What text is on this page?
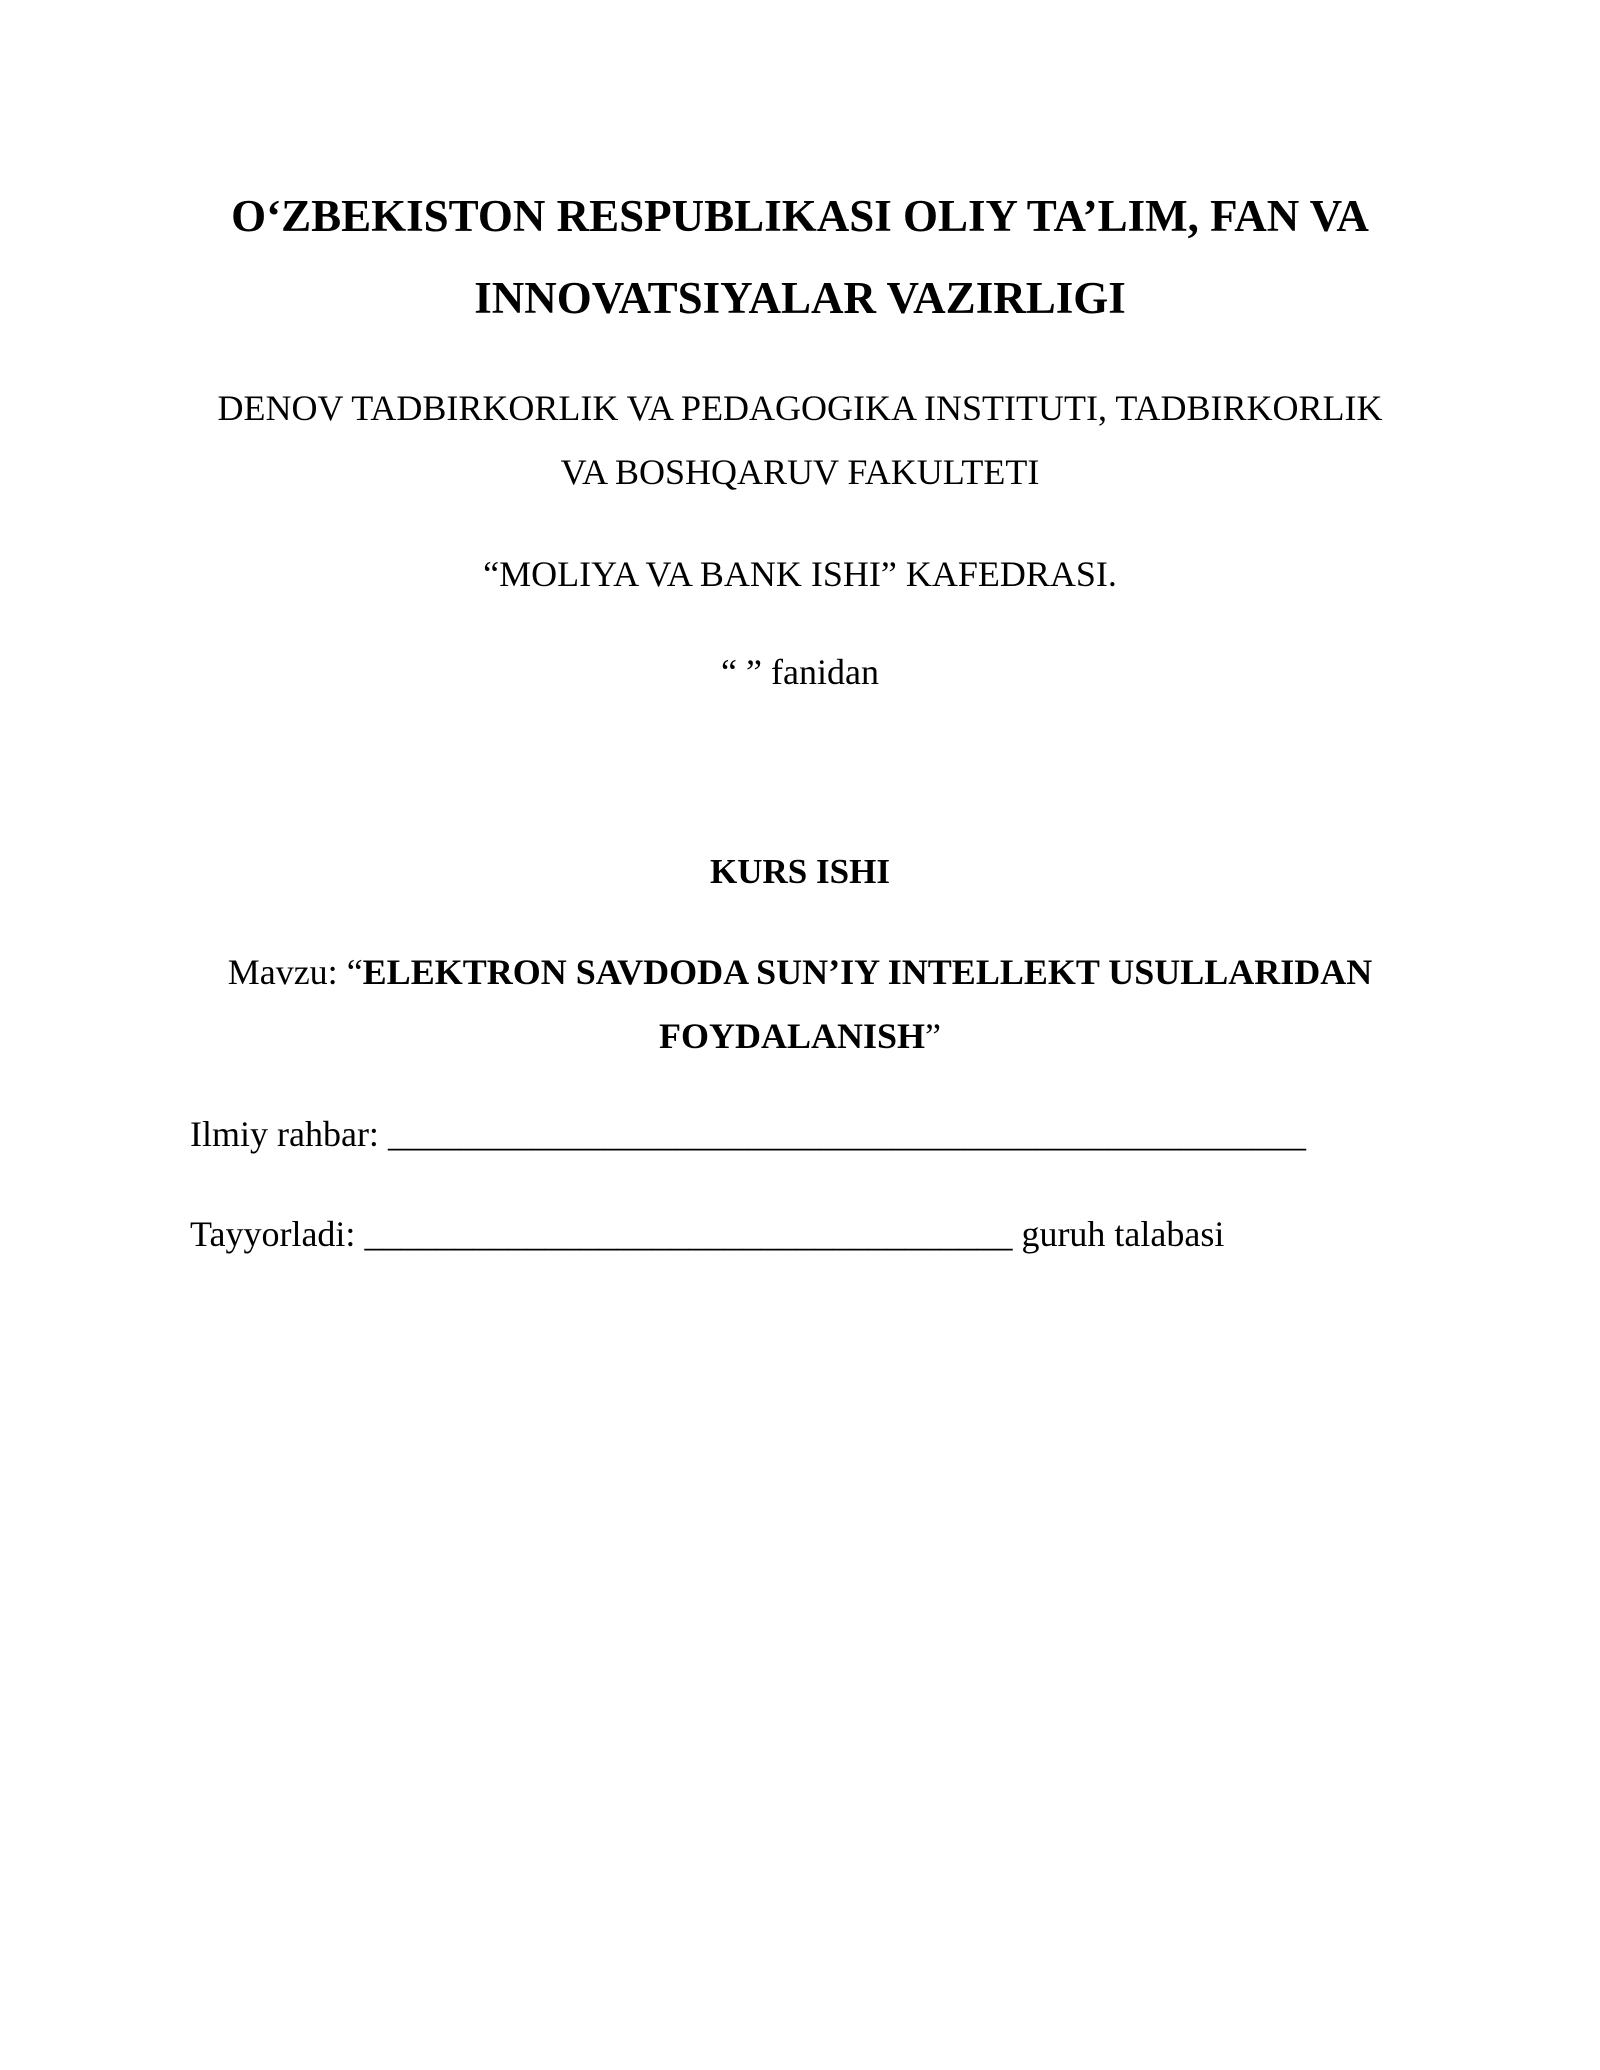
O‘ZBEKISTON RESPUBLIKASI OLIY TA’LIM, FAN VA
INNOVATSIYALAR VAZIRLIGI
DENOV TADBIRKORLIK VA PEDAGOGIKA INSTITUTI, TADBIRKORLIK
VA BOSHQARUV FAKULTETI
“MOLIYA VA BANK ISHI” KAFEDRASI.
“ ” fanidan
KURS ISHI
Mavzu: “ELEKTRON SAVDODA SUN’IY INTELLEKT USULLARIDAN
FOYDALANISH”
Ilmiy rahbar: ___________________________________________________
Tayyorladi: ____________________________________ guruh talabasi
